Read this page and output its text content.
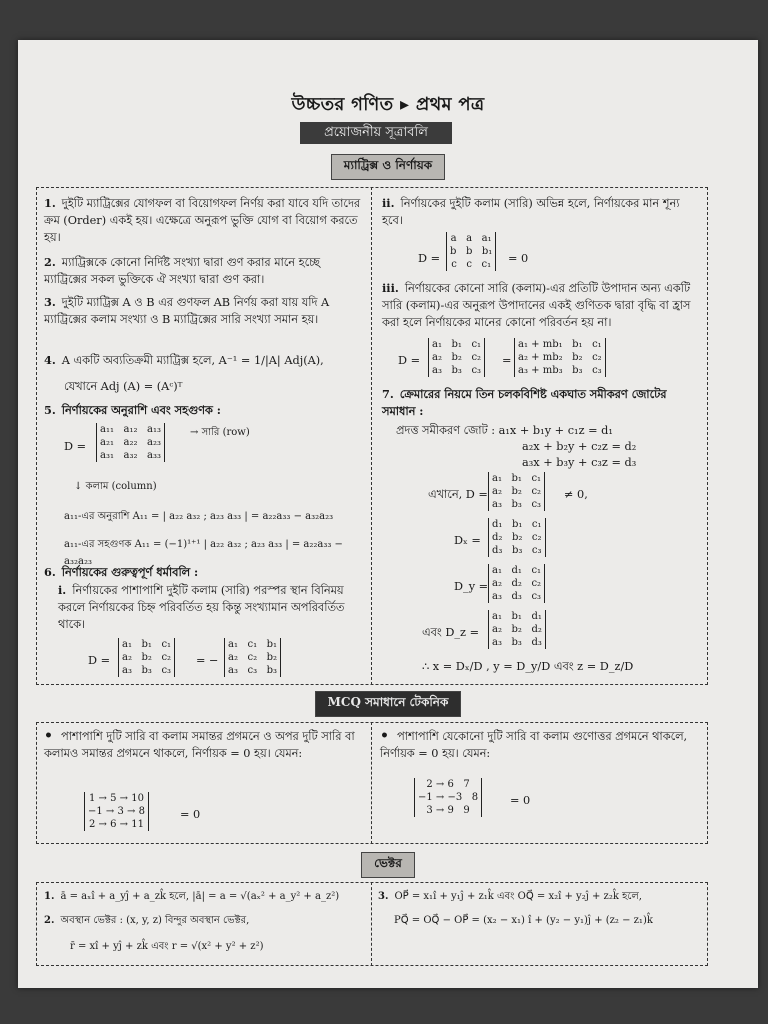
উচ্চতর গণিত ▸ প্রথম পত্র
প্রয়োজনীয় সূত্রাবলি
ম্যাট্রিক্স ও নির্ণায়ক
1. দুইটি ম্যাট্রিক্সের যোগফল বা বিয়োগফল নির্ণয় করা যাবে যদি তাদের ক্রম (Order) একই হয়। এক্ষেত্রে অনুরূপ ভুক্তি যোগ বা বিয়োগ করতে হয়।
2. ম্যাট্রিক্সকে কোনো নির্দিষ্ট সংখ্যা দ্বারা গুণ করার মানে হচ্ছে ম্যাট্রিক্সের সকল ভুক্তিকে ঐ সংখ্যা দ্বারা গুণ করা।
3. দুইটি ম্যাট্রিক্স A ও B এর গুণফল AB নির্ণয় করা যায় যদি A ম্যাট্রিক্সের কলাম সংখ্যা ও B ম্যাট্রিক্সের সারি সংখ্যা সমান হয়।
4. A একটি অব্যতিক্রমী ম্যাট্রিক্স হলে, A⁻¹ = 1/|A| Adj(A),
যেখানে Adj (A) = (Aᶜ)ᵀ
5. নির্ণায়কের অনুরাশি এবং সহগুণক :
D =
a₁₁   a₁₂   a₁₃
a₂₁   a₂₂   a₂₃
a₃₁   a₃₂   a₃₃
→ সারি (row)
↓ কলাম (column)
a₁₁-এর অনুরাশি A₁₁ = | a₂₂ a₃₂ ; a₂₃ a₃₃ | = a₂₂a₃₃ − a₃₂a₂₃
a₁₁-এর সহগুণক A₁₁ = (−1)¹⁺¹ | a₂₂ a₃₂ ; a₂₃ a₃₃ | = a₂₂a₃₃ − a₃₂a₂₃
6. নির্ণায়কের গুরুত্বপূর্ণ ধর্মাবলি :
i. নির্ণায়কের পাশাপাশি দুইটি কলাম (সারি) পরস্পর স্থান বিনিময় করলে নির্ণায়কের চিহ্ন পরিবর্তিত হয় কিন্তু সংখ্যামান অপরিবর্তিত থাকে।
D =
a₁   b₁   c₁
a₂   b₂   c₂
a₃   b₃   c₃
= −
a₁   c₁   b₁
a₂   c₂   b₂
a₃   c₃   b₃
ii. নির্ণায়কের দুইটি কলাম (সারি) অভিন্ন হলে, নির্ণায়কের মান শূন্য হবে।
D =
a   a   a₁
b   b   b₁
c   c   c₁ = 0
iii. নির্ণায়কের কোনো সারি (কলাম)-এর প্রতিটি উপাদান অন্য একটি সারি (কলাম)-এর অনুরূপ উপাদানের একই গুণিতক দ্বারা বৃদ্ধি বা হ্রাস করা হলে নির্ণায়কের মানের কোনো পরিবর্তন হয় না।
D =
a₁   b₁   c₁
a₂   b₂   c₂
a₃   b₃   c₃
=
a₁ + mb₁   b₁   c₁
a₂ + mb₂   b₂   c₂
a₃ + mb₃   b₃   c₃
7. ক্রেমারের নিয়মে তিন চলকবিশিষ্ট একঘাত সমীকরণ জোটের সমাধান :
প্রদত্ত সমীকরণ জোট : a₁x + b₁y + c₁z = d₁
a₂x + b₂y + c₂z = d₂
a₃x + b₃y + c₃z = d₃
এখানে, D =
a₁   b₁   c₁
a₂   b₂   c₂
a₃   b₃   c₃
≠ 0,
Dₓ =
d₁   b₁   c₁
d₂   b₂   c₂
d₃   b₃   c₃
D_y =
a₁   d₁   c₁
a₂   d₂   c₂
a₃   d₃   c₃
এবং D_z =
a₁   b₁   d₁
a₂   b₂   d₂
a₃   b₃   d₃
∴ x = Dₓ/D , y = D_y/D এবং z = D_z/D
MCQ সমাধানে টেকনিক
• পাশাপাশি দুটি সারি বা কলাম সমান্তর প্রগমনে ও অপর দুটি সারি বা কলামও সমান্তর প্রগমনে থাকলে, নির্ণায়ক = 0 হয়। যেমন:
1 → 5 → 10
−1 → 3 → 8
2 → 6 → 11
= 0
• পাশাপাশি যেকোনো দুটি সারি বা কলাম গুণোত্তর প্রগমনে থাকলে, নির্ণায়ক = 0 হয়। যেমন:
2 → 6   7
−1 → −3   8
3 → 9   9
= 0
ভেক্টর
1. ā = aₓî + a_yĵ + a_zk̂ হলে, |ā| = a = √(aₓ² + a_y² + a_z²)
2. অবস্থান ভেক্টর : (x, y, z) বিন্দুর অবস্থান ভেক্টর,
r̄ = xî + yĵ + zk̂ এবং r = √(x² + y² + z²)
3. OP⃗ = x₁î + y₁ĵ + z₁k̂ এবং OQ⃗ = x₂î + y₂ĵ + z₂k̂ হলে,
PQ⃗ = OQ⃗ − OP⃗ = (x₂ − x₁) î + (y₂ − y₁)ĵ + (z₂ − z₁)k̂
